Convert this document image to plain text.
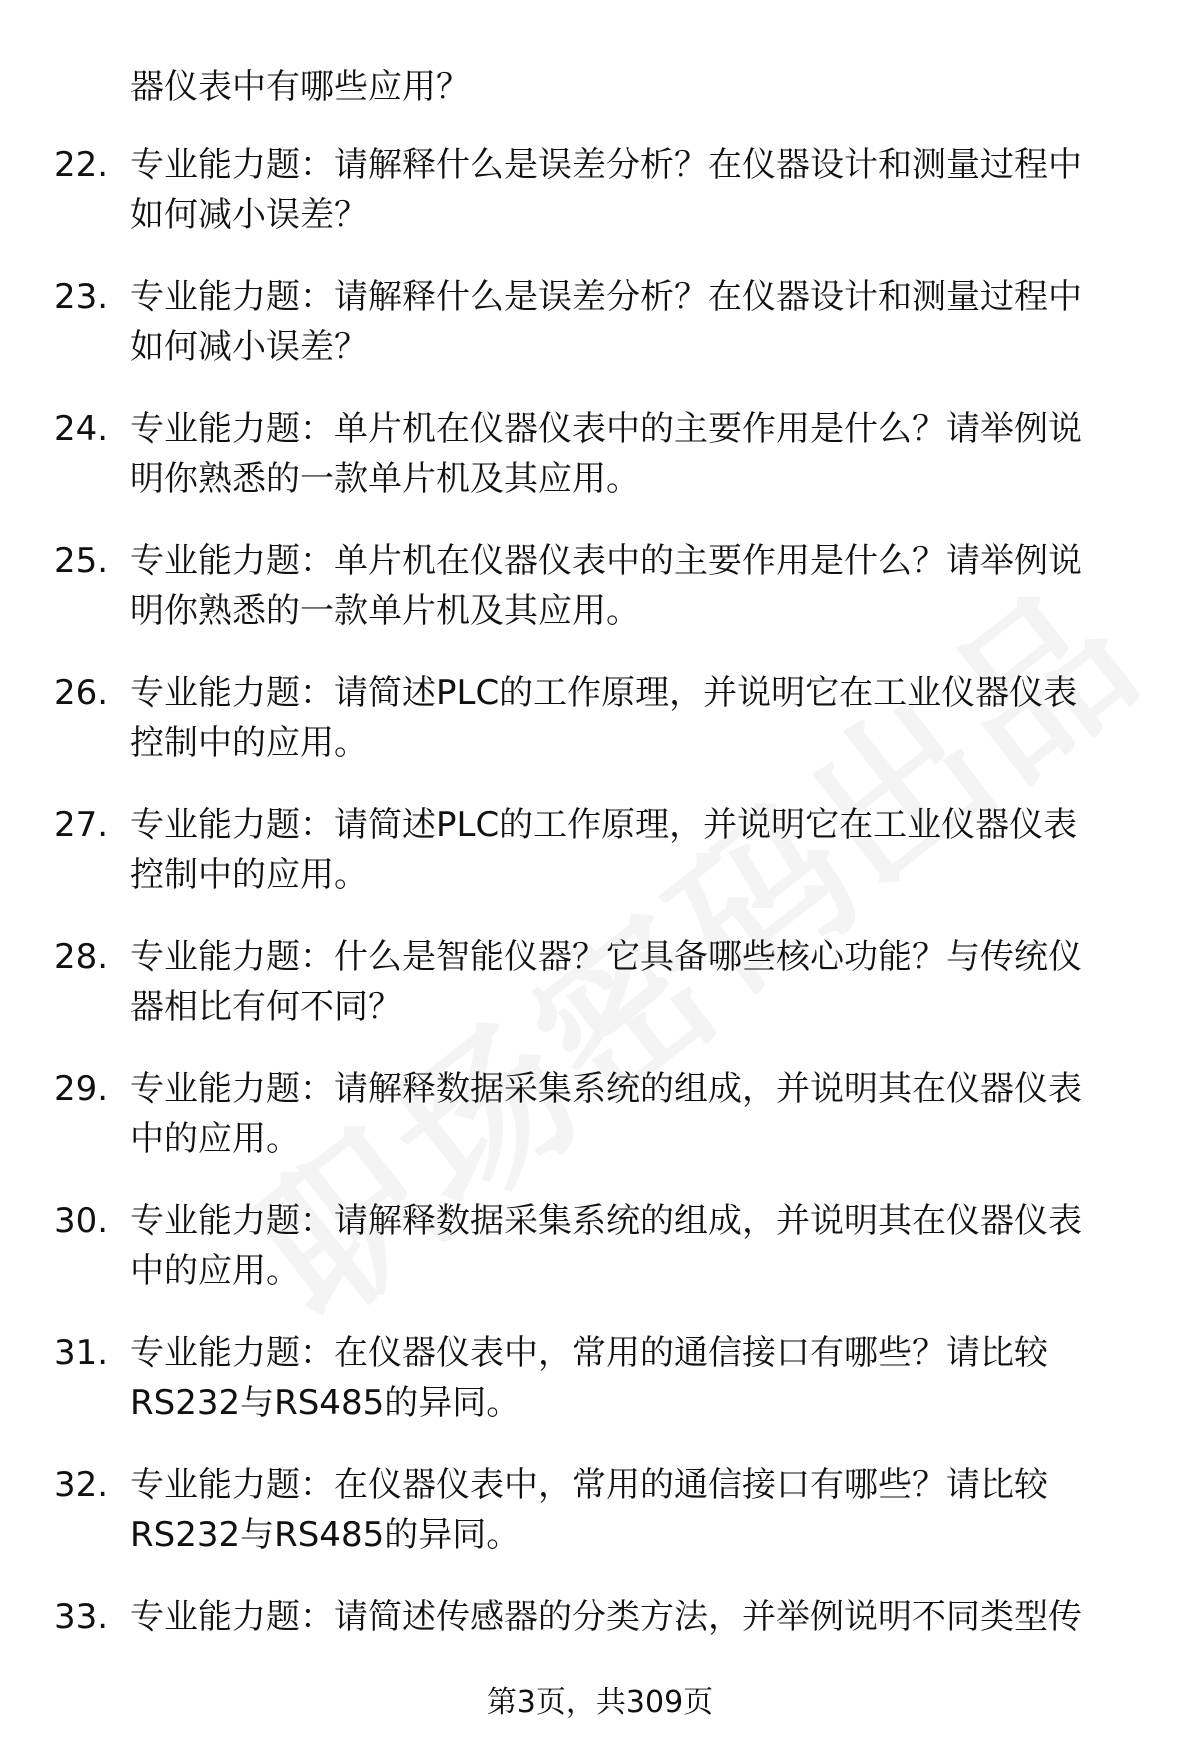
器仪表中有哪些应用？
22. 专业能力题：请解释什么是误差分析？在仪器设计和测量过程中
如何减小误差？
23. 专业能力题：请解释什么是误差分析？在仪器设计和测量过程中
如何减小误差？
24. 专业能力题：单片机在仪器仪表中的主要作用是什么？请举例说
明你熟悉的一款单片机及其应用。
25. 专业能力题：单片机在仪器仪表中的主要作用是什么？请举例说
明你熟悉的一款单片机及其应用。
26. 专业能力题：请简述PLC的工作原理，并说明它在工业仪器仪表
控制中的应用。
27. 专业能力题：请简述PLC的工作原理，并说明它在工业仪器仪表
控制中的应用。
28. 专业能力题：什么是智能仪器？它具备哪些核心功能？与传统仪
器相比有何不同？
29. 专业能力题：请解释数据采集系统的组成，并说明其在仪器仪表
中的应用。
30. 专业能力题：请解释数据采集系统的组成，并说明其在仪器仪表
中的应用。
31. 专业能力题：在仪器仪表中，常用的通信接口有哪些？请比较
RS232与RS485的异同。
32. 专业能力题：在仪器仪表中，常用的通信接口有哪些？请比较
RS232与RS485的异同。
33. 专业能力题：请简述传感器的分类方法，并举例说明不同类型传
第3页，共309页
